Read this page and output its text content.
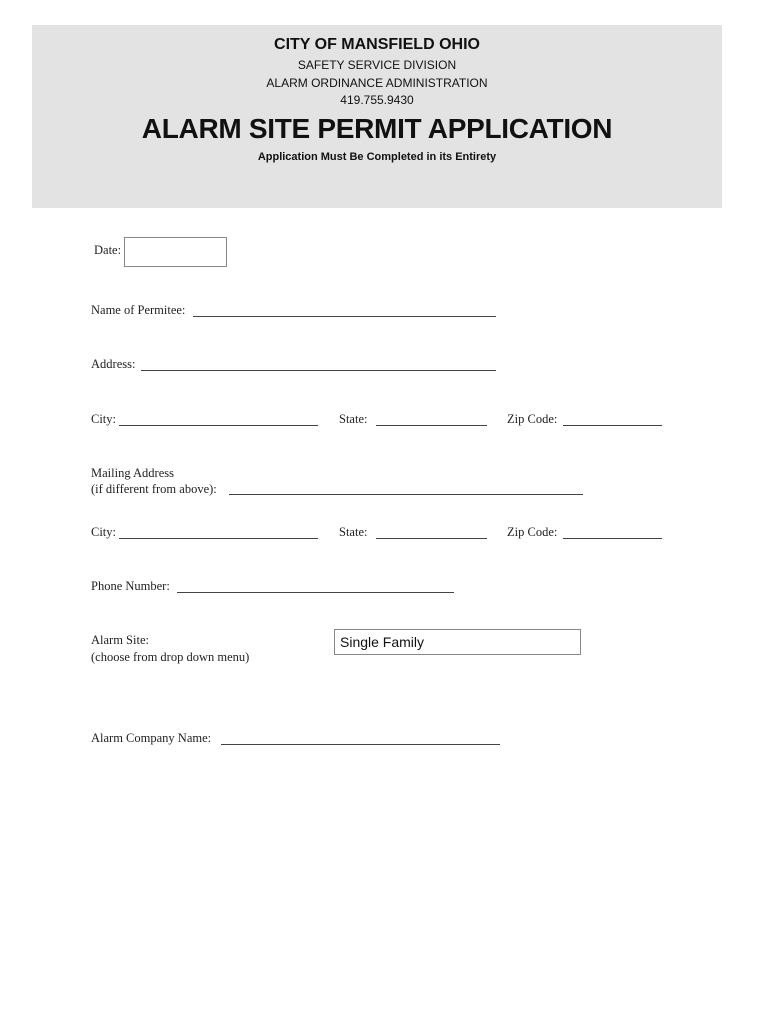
CITY OF MANSFIELD OHIO
SAFETY SERVICE DIVISION
ALARM ORDINANCE ADMINISTRATION
419.755.9430
ALARM SITE PERMIT APPLICATION
Application Must Be Completed in its Entirety
Date:
Name of Permitee:
Address:
City:	State:	Zip Code:
Mailing Address
(if different from above):
City:	State:	Zip Code:
Phone Number:
Alarm Site:
(choose from drop down menu)
Single Family
Alarm Company Name:
